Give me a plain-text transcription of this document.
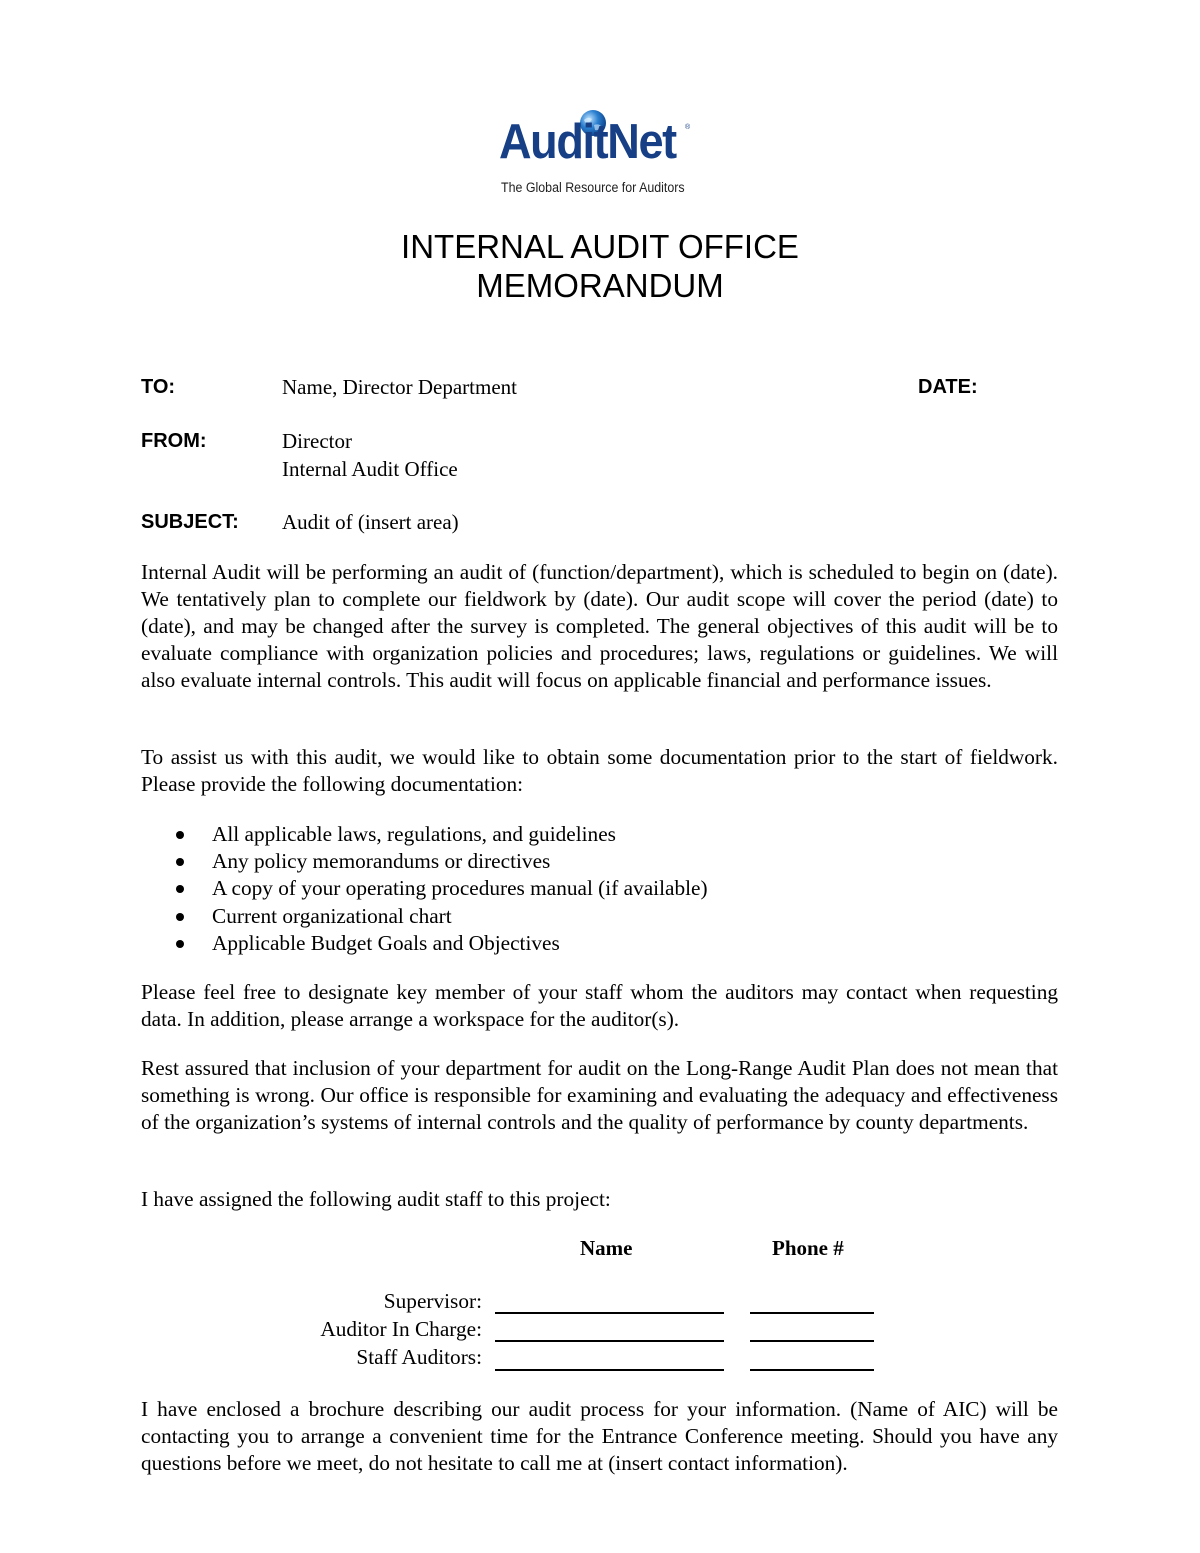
AuditNet ®
The Global Resource for Auditors
INTERNAL AUDIT OFFICE
MEMORANDUM
TO:	Name, Director Department	DATE:
FROM:	Director
Internal Audit Office
SUBJECT: Audit of (insert area)

Internal Audit will be performing an audit of (function/department), which is scheduled to begin on (date). We tentatively plan to complete our fieldwork by (date). Our audit scope will cover the period (date) to (date), and may be changed after the survey is completed. The general objectives of this audit will be to evaluate compliance with organization policies and procedures; laws, regulations or guidelines. We will also evaluate internal controls. This audit will focus on applicable financial and performance issues.

To assist us with this audit, we would like to obtain some documentation prior to the start of fieldwork. Please provide the following documentation:

All applicable laws, regulations, and guidelines
Any policy memorandums or directives
A copy of your operating procedures manual (if available)
Current organizational chart
Applicable Budget Goals and Objectives

Please feel free to designate key member of your staff whom the auditors may contact when requesting data. In addition, please arrange a workspace for the auditor(s).

Rest assured that inclusion of your department for audit on the Long-Range Audit Plan does not mean that something is wrong. Our office is responsible for examining and evaluating the adequacy and effectiveness of the organization’s systems of internal controls and the quality of performance by county departments.

I have assigned the following audit staff to this project:

Name	Phone #
Supervisor:
Auditor In Charge:
Staff Auditors:

I have enclosed a brochure describing our audit process for your information. (Name of AIC) will be contacting you to arrange a convenient time for the Entrance Conference meeting. Should you have any questions before we meet, do not hesitate to call me at (insert contact information).
